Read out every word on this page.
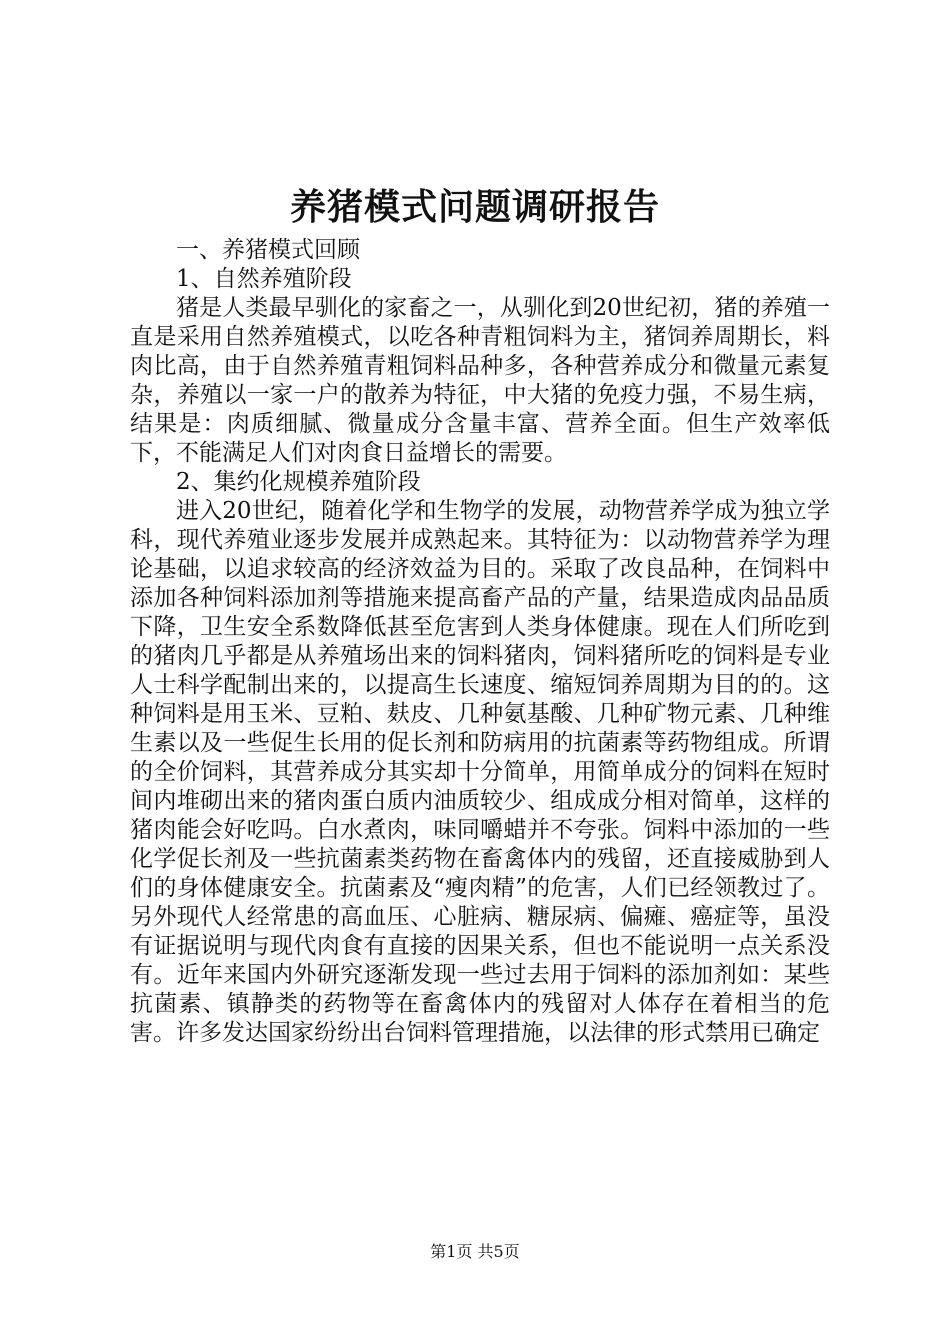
养猪模式问题调研报告

一、养猪模式回顾

1、自然养殖阶段

猪是人类最早驯化的家畜之一，从驯化到20世纪初，猪的养殖一直是采用自然养殖模式，以吃各种青粗饲料为主，猪饲养周期长，料肉比高，由于自然养殖青粗饲料品种多，各种营养成分和微量元素复杂，养殖以一家一户的散养为特征，中大猪的免疫力强，不易生病，结果是：肉质细腻、微量成分含量丰富、营养全面。但生产效率低下，不能满足人们对肉食日益增长的需要。

2、集约化规模养殖阶段

进入20世纪，随着化学和生物学的发展，动物营养学成为独立学科，现代养殖业逐步发展并成熟起来。其特征为：以动物营养学为理论基础，以追求较高的经济效益为目的。采取了改良品种，在饲料中添加各种饲料添加剂等措施来提高畜产品的产量，结果造成肉品品质下降，卫生安全系数降低甚至危害到人类身体健康。现在人们所吃到的猪肉几乎都是从养殖场出来的饲料猪肉，饲料猪所吃的饲料是专业人士科学配制出来的，以提高生长速度、缩短饲养周期为目的的。这种饲料是用玉米、豆粕、麸皮、几种氨基酸、几种矿物元素、几种维生素以及一些促生长用的促长剂和防病用的抗菌素等药物组成。所谓的全价饲料，其营养成分其实却十分简单，用简单成分的饲料在短时间内堆砌出来的猪肉蛋白质内油质较少、组成成分相对简单，这样的猪肉能会好吃吗。白水煮肉，味同嚼蜡并不夸张。饲料中添加的一些化学促长剂及一些抗菌素类药物在畜禽体内的残留，还直接威胁到人们的身体健康安全。抗菌素及“瘦肉精”的危害，人们已经领教过了。另外现代人经常患的高血压、心脏病、糖尿病、偏瘫、癌症等，虽没有证据说明与现代肉食有直接的因果关系，但也不能说明一点关系没有。近年来国内外研究逐渐发现一些过去用于饲料的添加剂如：某些抗菌素、镇静类的药物等在畜禽体内的残留对人体存在着相当的危害。许多发达国家纷纷出台饲料管理措施，以法律的形式禁用已确定

第1页 共5页
